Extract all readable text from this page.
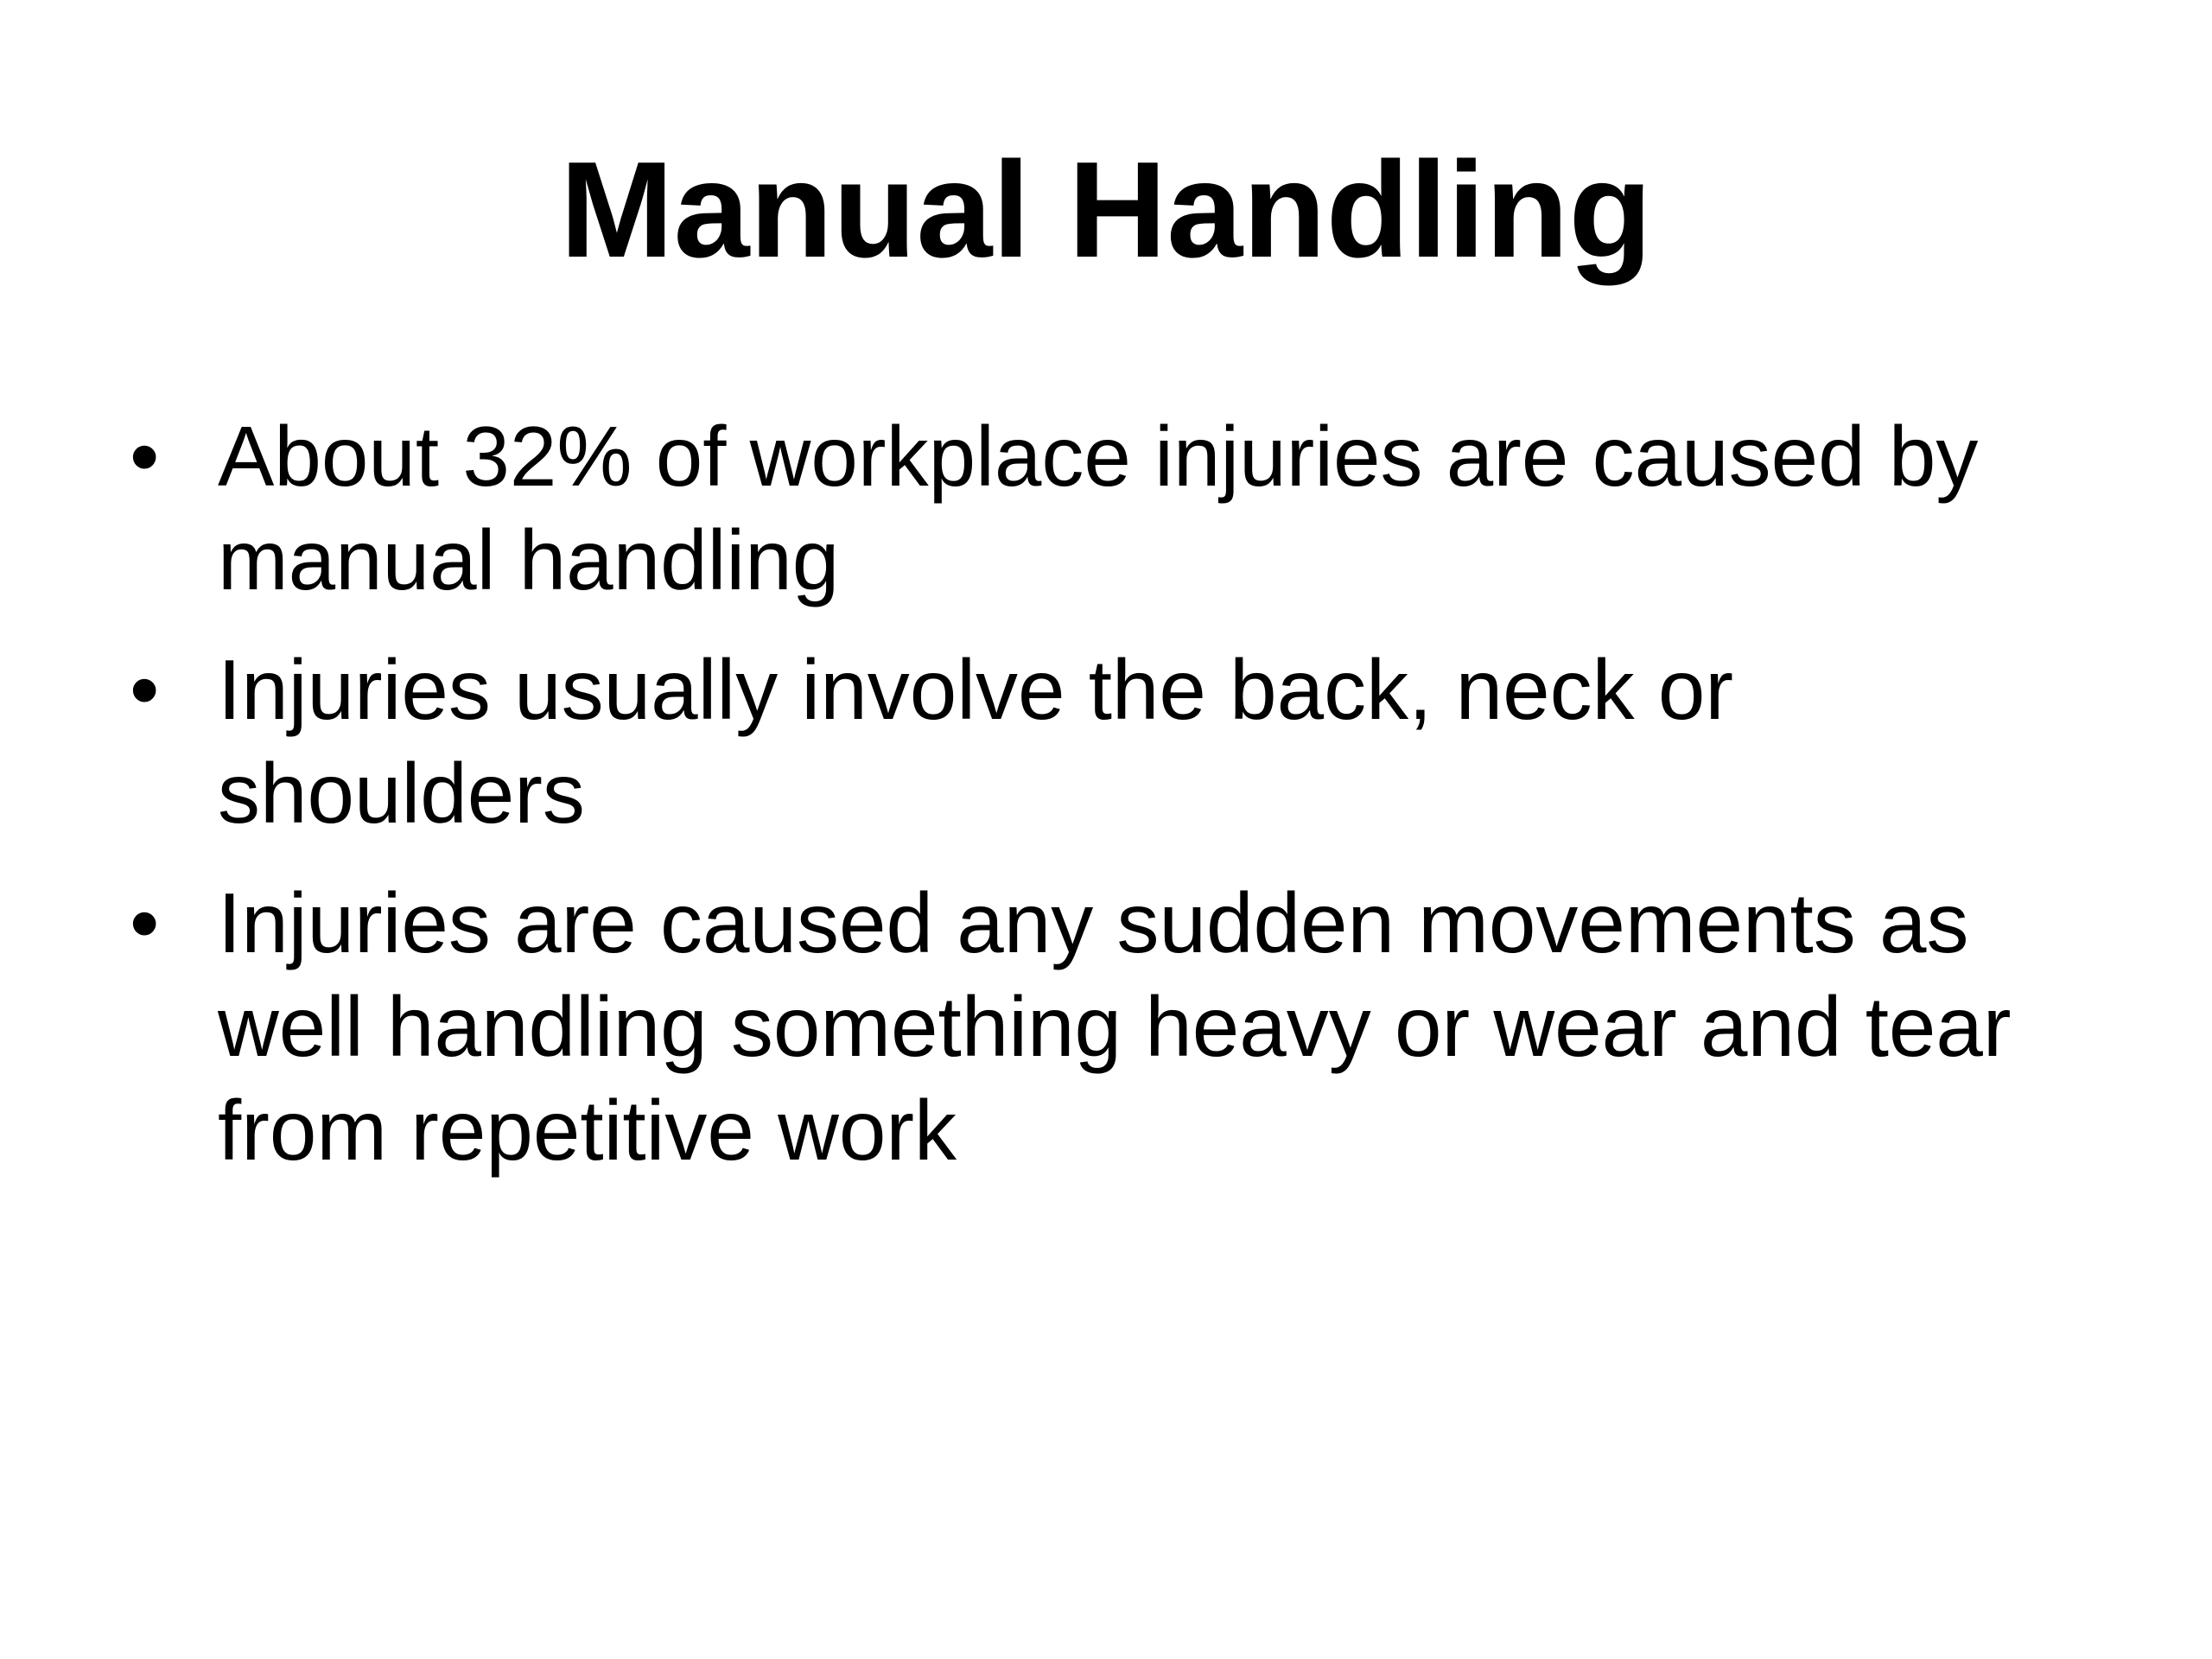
Manual Handling
• About 32% of workplace injuries are caused by manual handling
• Injuries usually involve the back, neck or shoulders
• Injuries are caused any sudden movements as well handling something heavy or wear and tear from repetitive work
